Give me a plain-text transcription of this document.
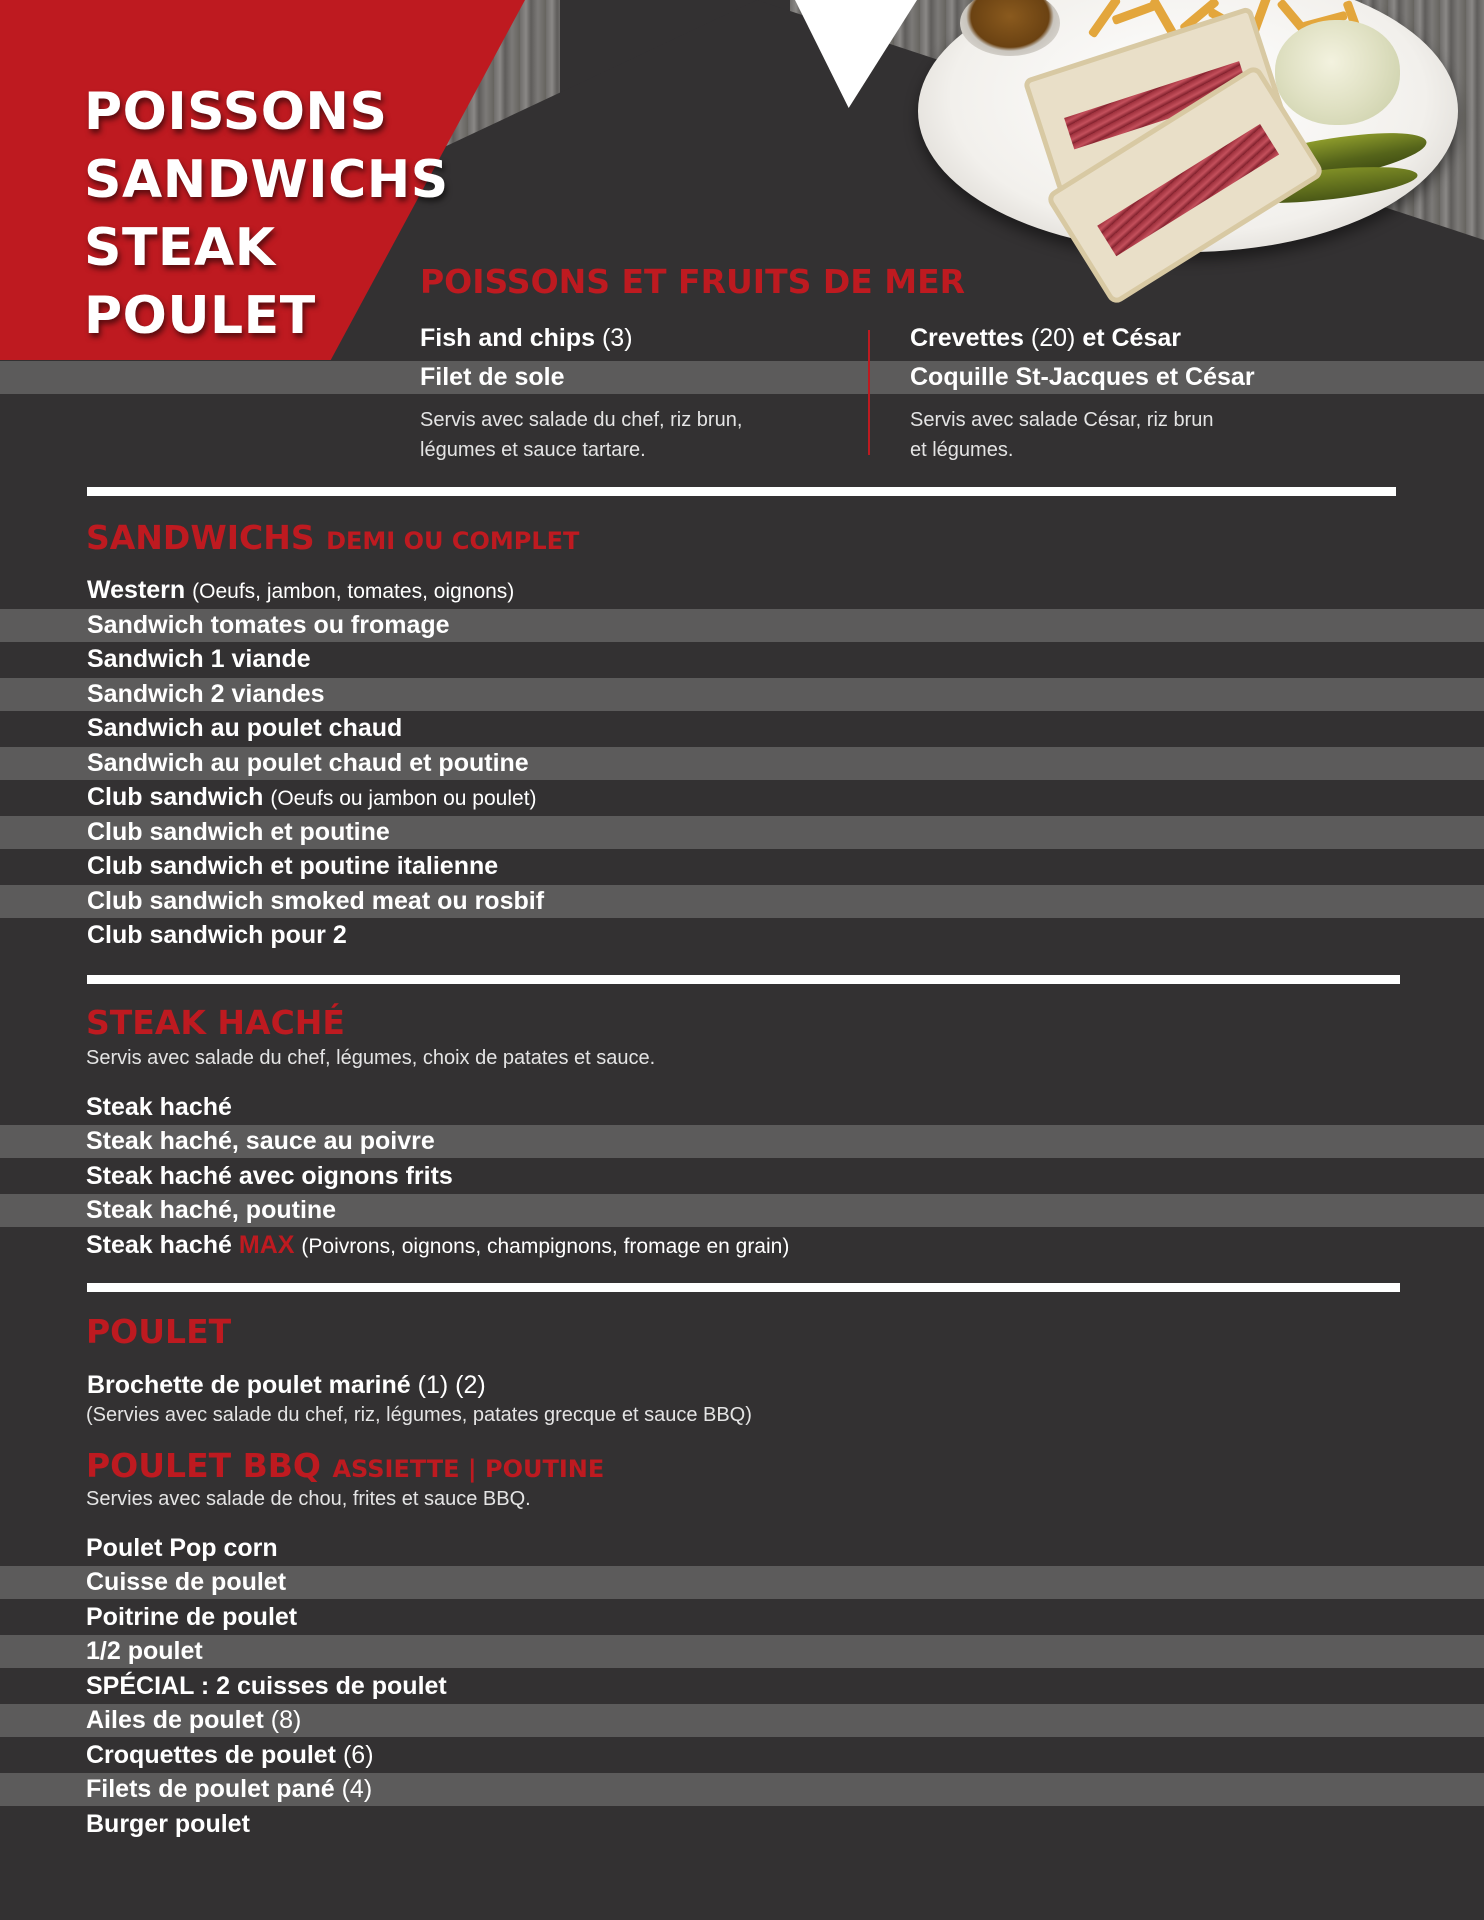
POISSONS
SANDWICHS
STEAK
POULET
POISSONS ET FRUITS DE MER
Fish and chips (3)
Filet de sole
Servis avec salade du chef, riz brun,
légumes et sauce tartare.
Crevettes (20) et César
Coquille St-Jacques et César
Servis avec salade César, riz brun
et légumes.
SANDWICHS DEMI OU COMPLET
Western (Oeufs, jambon, tomates, oignons)
Sandwich tomates ou fromage
Sandwich 1 viande
Sandwich 2 viandes
Sandwich au poulet chaud
Sandwich au poulet chaud et poutine
Club sandwich (Oeufs ou jambon ou poulet)
Club sandwich et poutine
Club sandwich et poutine italienne
Club sandwich smoked meat ou rosbif
Club sandwich pour 2
STEAK HACHÉ
Servis avec salade du chef, légumes, choix de patates et sauce.
Steak haché
Steak haché, sauce au poivre
Steak haché avec oignons frits
Steak haché, poutine
Steak haché MAX (Poivrons, oignons, champignons, fromage en grain)
POULET
Brochette de poulet mariné (1) (2)
(Servies avec salade du chef, riz, légumes, patates grecque et sauce BBQ)
POULET BBQ ASSIETTE | POUTINE
Servies avec salade de chou, frites et sauce BBQ.
Poulet Pop corn
Cuisse de poulet
Poitrine de poulet
1/2 poulet
SPÉCIAL : 2 cuisses de poulet
Ailes de poulet (8)
Croquettes de poulet (6)
Filets de poulet pané (4)
Burger poulet
